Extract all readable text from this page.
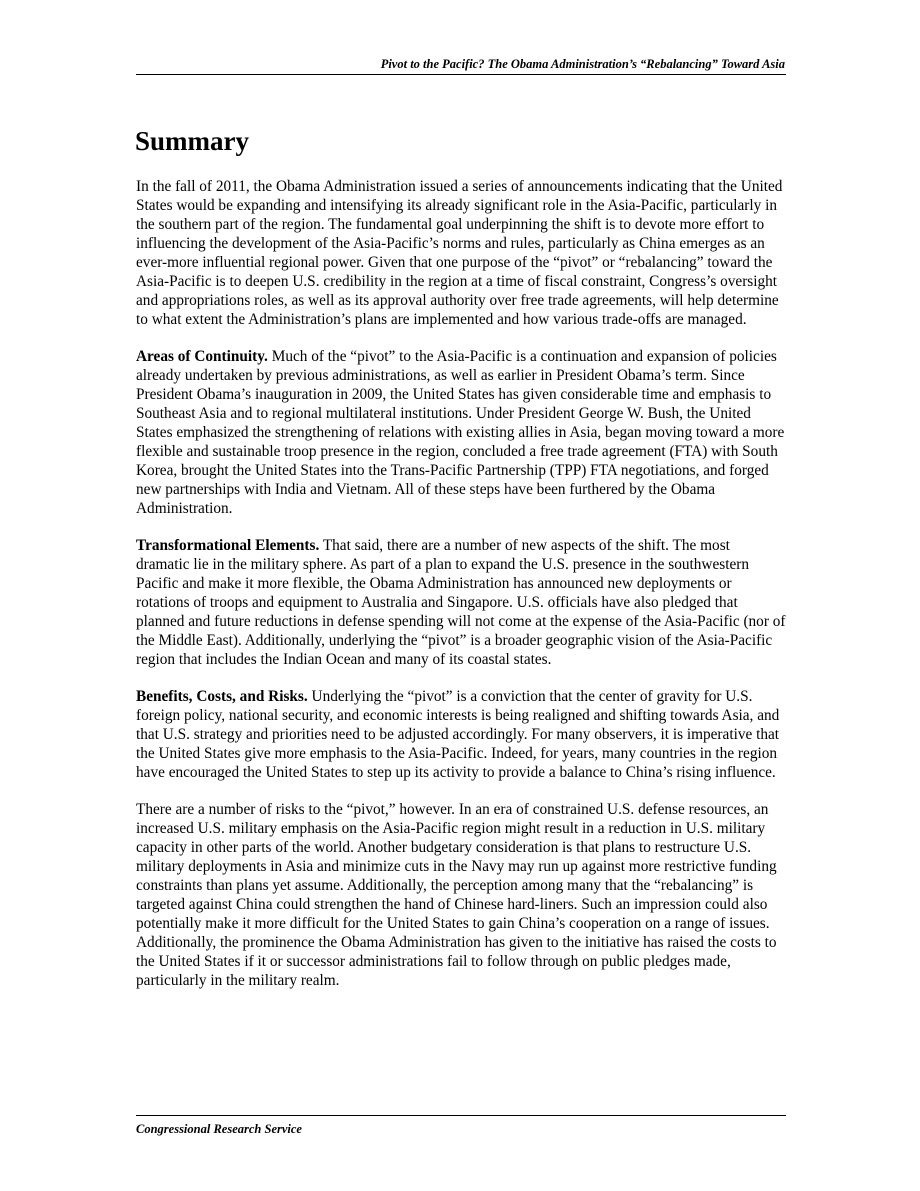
Pivot to the Pacific? The Obama Administration’s “Rebalancing” Toward Asia
Summary

In the fall of 2011, the Obama Administration issued a series of announcements indicating that the United States would be expanding and intensifying its already significant role in the Asia-Pacific, particularly in the southern part of the region. The fundamental goal underpinning the shift is to devote more effort to influencing the development of the Asia-Pacific’s norms and rules, particularly as China emerges as an ever-more influential regional power. Given that one purpose of the “pivot” or “rebalancing” toward the Asia-Pacific is to deepen U.S. credibility in the region at a time of fiscal constraint, Congress’s oversight and appropriations roles, as well as its approval authority over free trade agreements, will help determine to what extent the Administration’s plans are implemented and how various trade-offs are managed.

Areas of Continuity. Much of the “pivot” to the Asia-Pacific is a continuation and expansion of policies already undertaken by previous administrations, as well as earlier in President Obama’s term. Since President Obama’s inauguration in 2009, the United States has given considerable time and emphasis to Southeast Asia and to regional multilateral institutions. Under President George W. Bush, the United States emphasized the strengthening of relations with existing allies in Asia, began moving toward a more flexible and sustainable troop presence in the region, concluded a free trade agreement (FTA) with South Korea, brought the United States into the Trans-Pacific Partnership (TPP) FTA negotiations, and forged new partnerships with India and Vietnam. All of these steps have been furthered by the Obama Administration.

Transformational Elements. That said, there are a number of new aspects of the shift. The most dramatic lie in the military sphere. As part of a plan to expand the U.S. presence in the southwestern Pacific and make it more flexible, the Obama Administration has announced new deployments or rotations of troops and equipment to Australia and Singapore. U.S. officials have also pledged that planned and future reductions in defense spending will not come at the expense of the Asia-Pacific (nor of the Middle East). Additionally, underlying the “pivot” is a broader geographic vision of the Asia-Pacific region that includes the Indian Ocean and many of its coastal states.

Benefits, Costs, and Risks. Underlying the “pivot” is a conviction that the center of gravity for U.S. foreign policy, national security, and economic interests is being realigned and shifting towards Asia, and that U.S. strategy and priorities need to be adjusted accordingly. For many observers, it is imperative that the United States give more emphasis to the Asia-Pacific. Indeed, for years, many countries in the region have encouraged the United States to step up its activity to provide a balance to China’s rising influence.

There are a number of risks to the “pivot,” however. In an era of constrained U.S. defense resources, an increased U.S. military emphasis on the Asia-Pacific region might result in a reduction in U.S. military capacity in other parts of the world. Another budgetary consideration is that plans to restructure U.S. military deployments in Asia and minimize cuts in the Navy may run up against more restrictive funding constraints than plans yet assume. Additionally, the perception among many that the “rebalancing” is targeted against China could strengthen the hand of Chinese hard-liners. Such an impression could also potentially make it more difficult for the United States to gain China’s cooperation on a range of issues. Additionally, the prominence the Obama Administration has given to the initiative has raised the costs to the United States if it or successor administrations fail to follow through on public pledges made, particularly in the military realm.

Congressional Research Service
